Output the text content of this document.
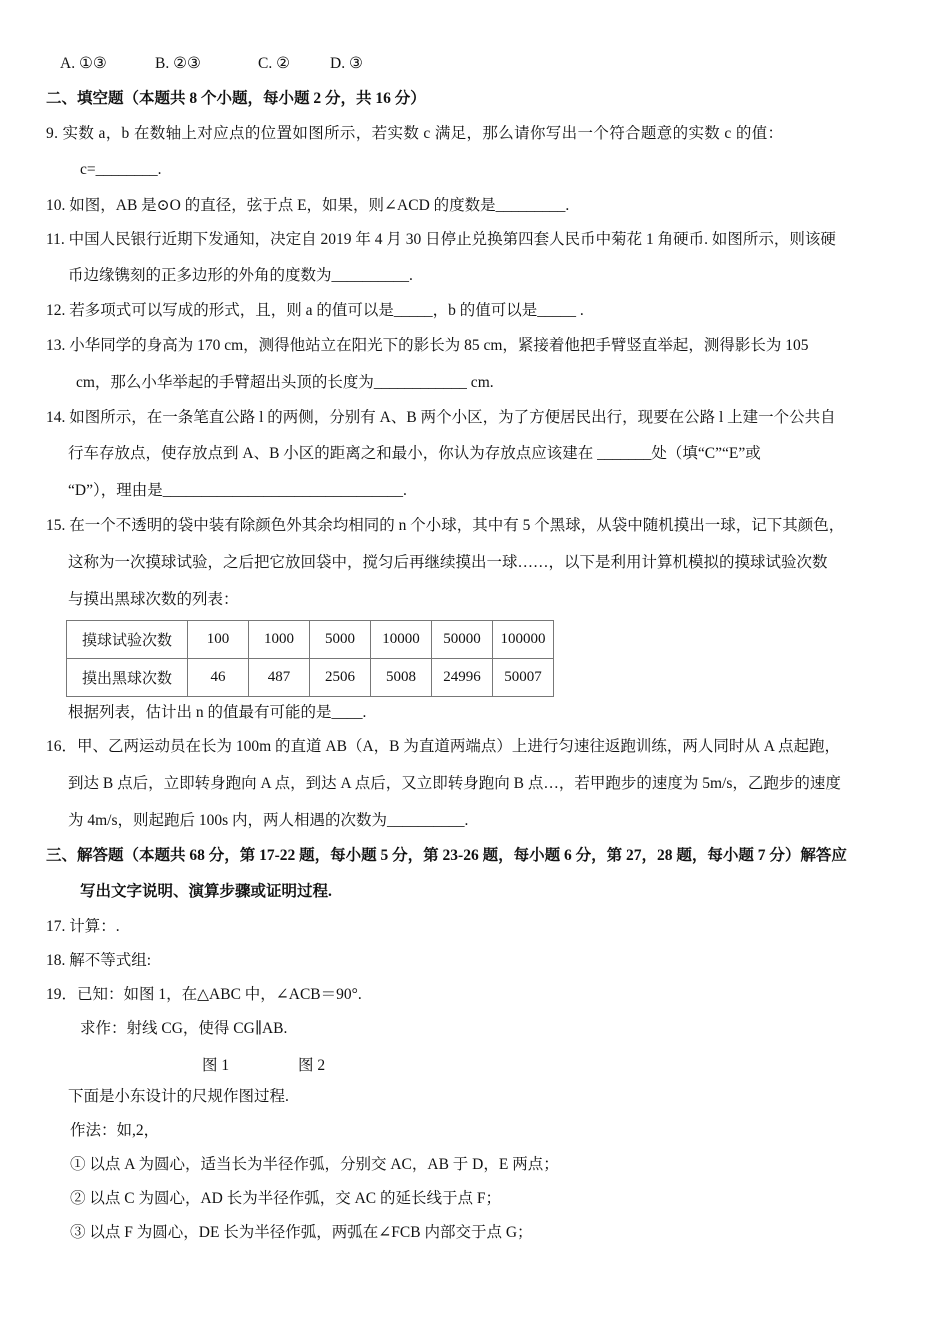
A. ①③	B. ②③	C. ②	D. ③
二、填空题（本题共 8 个小题，每小题 2 分，共 16 分）
9. 实数 a，b 在数轴上对应点的位置如图所示，若实数 c 满足，那么请你写出一个符合题意的实数 c 的值：
c=________.
10. 如图，AB 是⊙O 的直径，弦于点 E，如果，则∠ACD 的度数是_________.
11. 中国人民银行近期下发通知，决定自 2019 年 4 月 30 日停止兑换第四套人民币中菊花 1 角硬币. 如图所示，则该硬
币边缘镌刻的正多边形的外角的度数为__________.
12. 若多项式可以写成的形式，且，则 a 的值可以是_____，b 的值可以是_____ .
13. 小华同学的身高为 170 cm，测得他站立在阳光下的影长为 85 cm，紧接着他把手臂竖直举起，测得影长为 105
cm，那么小华举起的手臂超出头顶的长度为____________ cm.
14. 如图所示，在一条笔直公路 l 的两侧，分别有 A、B 两个小区，为了方便居民出行，现要在公路 l 上建一个公共自
行车存放点，使存放点到 A、B 小区的距离之和最小，你认为存放点应该建在 _______处（填“C”“E”或
“D”），理由是_______________________________.
15. 在一个不透明的袋中装有除颜色外其余均相同的 n 个小球，其中有 5 个黑球，从袋中随机摸出一球，记下其颜色，
这称为一次摸球试验，之后把它放回袋中，搅匀后再继续摸出一球……，以下是利用计算机模拟的摸球试验次数
与摸出黑球次数的列表：
摸球试验次数	100	1000	5000	10000	50000	100000
摸出黑球次数	46	487	2506	5008	24996	50007
根据列表，估计出 n 的值最有可能的是____.
16．甲、乙两运动员在长为 100m 的直道 AB（A，B 为直道两端点）上进行匀速往返跑训练，两人同时从 A 点起跑，
到达 B 点后，立即转身跑向 A 点，到达 A 点后，又立即转身跑向 B 点…，若甲跑步的速度为 5m/s，乙跑步的速度
为 4m/s，则起跑后 100s 内，两人相遇的次数为__________.
三、解答题（本题共 68 分，第 17-22 题，每小题 5 分，第 23-26 题，每小题 6 分，第 27，28 题，每小题 7 分）解答应
写出文字说明、演算步骤或证明过程.
17. 计算：.
18. 解不等式组:
19．已知：如图 1，在△ABC 中，∠ACB＝90°.
求作：射线 CG，使得 CG∥AB.
图 1	图 2
下面是小东设计的尺规作图过程.
作法：如,2，
① 以点 A 为圆心，适当长为半径作弧，分别交 AC，AB 于 D，E 两点；
② 以点 C 为圆心，AD 长为半径作弧，交 AC 的延长线于点 F；
③ 以点 F 为圆心，DE 长为半径作弧，两弧在∠FCB 内部交于点 G；
